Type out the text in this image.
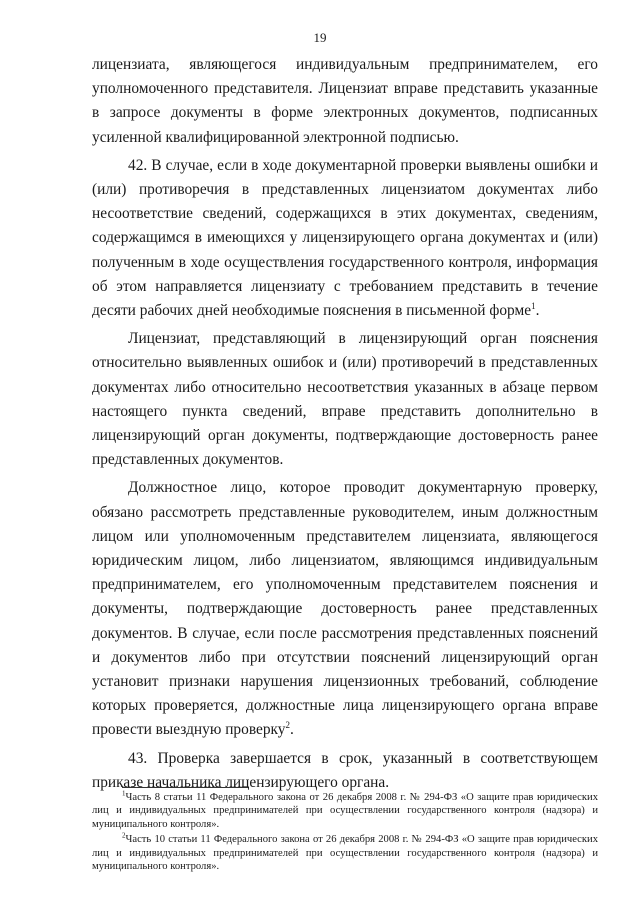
19

лицензиата, являющегося индивидуальным предпринимателем, его уполномоченного представителя. Лицензиат вправе представить указанные в запросе документы в форме электронных документов, подписанных усиленной квалифицированной электронной подписью.

42. В случае, если в ходе документарной проверки выявлены ошибки и (или) противоречия в представленных лицензиатом документах либо несоответствие сведений, содержащихся в этих документах, сведениям, содержащимся в имеющихся у лицензирующего органа документах и (или) полученным в ходе осуществления государственного контроля, информация об этом направляется лицензиату с требованием представить в течение десяти рабочих дней необходимые пояснения в письменной форме$^1$.

Лицензиат, представляющий в лицензирующий орган пояснения относительно выявленных ошибок и (или) противоречий в представленных документах либо относительно несоответствия указанных в абзаце первом настоящего пункта сведений, вправе представить дополнительно в лицензирующий орган документы, подтверждающие достоверность ранее представленных документов.

Должностное лицо, которое проводит документарную проверку, обязано рассмотреть представленные руководителем, иным должностным лицом или уполномоченным представителем лицензиата, являющегося юридическим лицом, либо лицензиатом, являющимся индивидуальным предпринимателем, его уполномоченным представителем пояснения и документы, подтверждающие достоверность ранее представленных документов. В случае, если после рассмотрения представленных пояснений и документов либо при отсутствии пояснений лицензирующий орган установит признаки нарушения лицензионных требований, соблюдение которых проверяется, должностные лица лицензирующего органа вправе провести выездную проверку$^2$.

43. Проверка завершается в срок, указанный в соответствующем приказе начальника лицензирующего органа.

$^1$Часть 8 статьи 11 Федерального закона от 26 декабря 2008 г. № 294-ФЗ «О защите прав юридических лиц и индивидуальных предпринимателей при осуществлении государственного контроля (надзора) и муниципального контроля».

$^2$Часть 10 статьи 11 Федерального закона от 26 декабря 2008 г. № 294-ФЗ «О защите прав юридических лиц и индивидуальных предпринимателей при осуществлении государственного контроля (надзора) и муниципального контроля».
